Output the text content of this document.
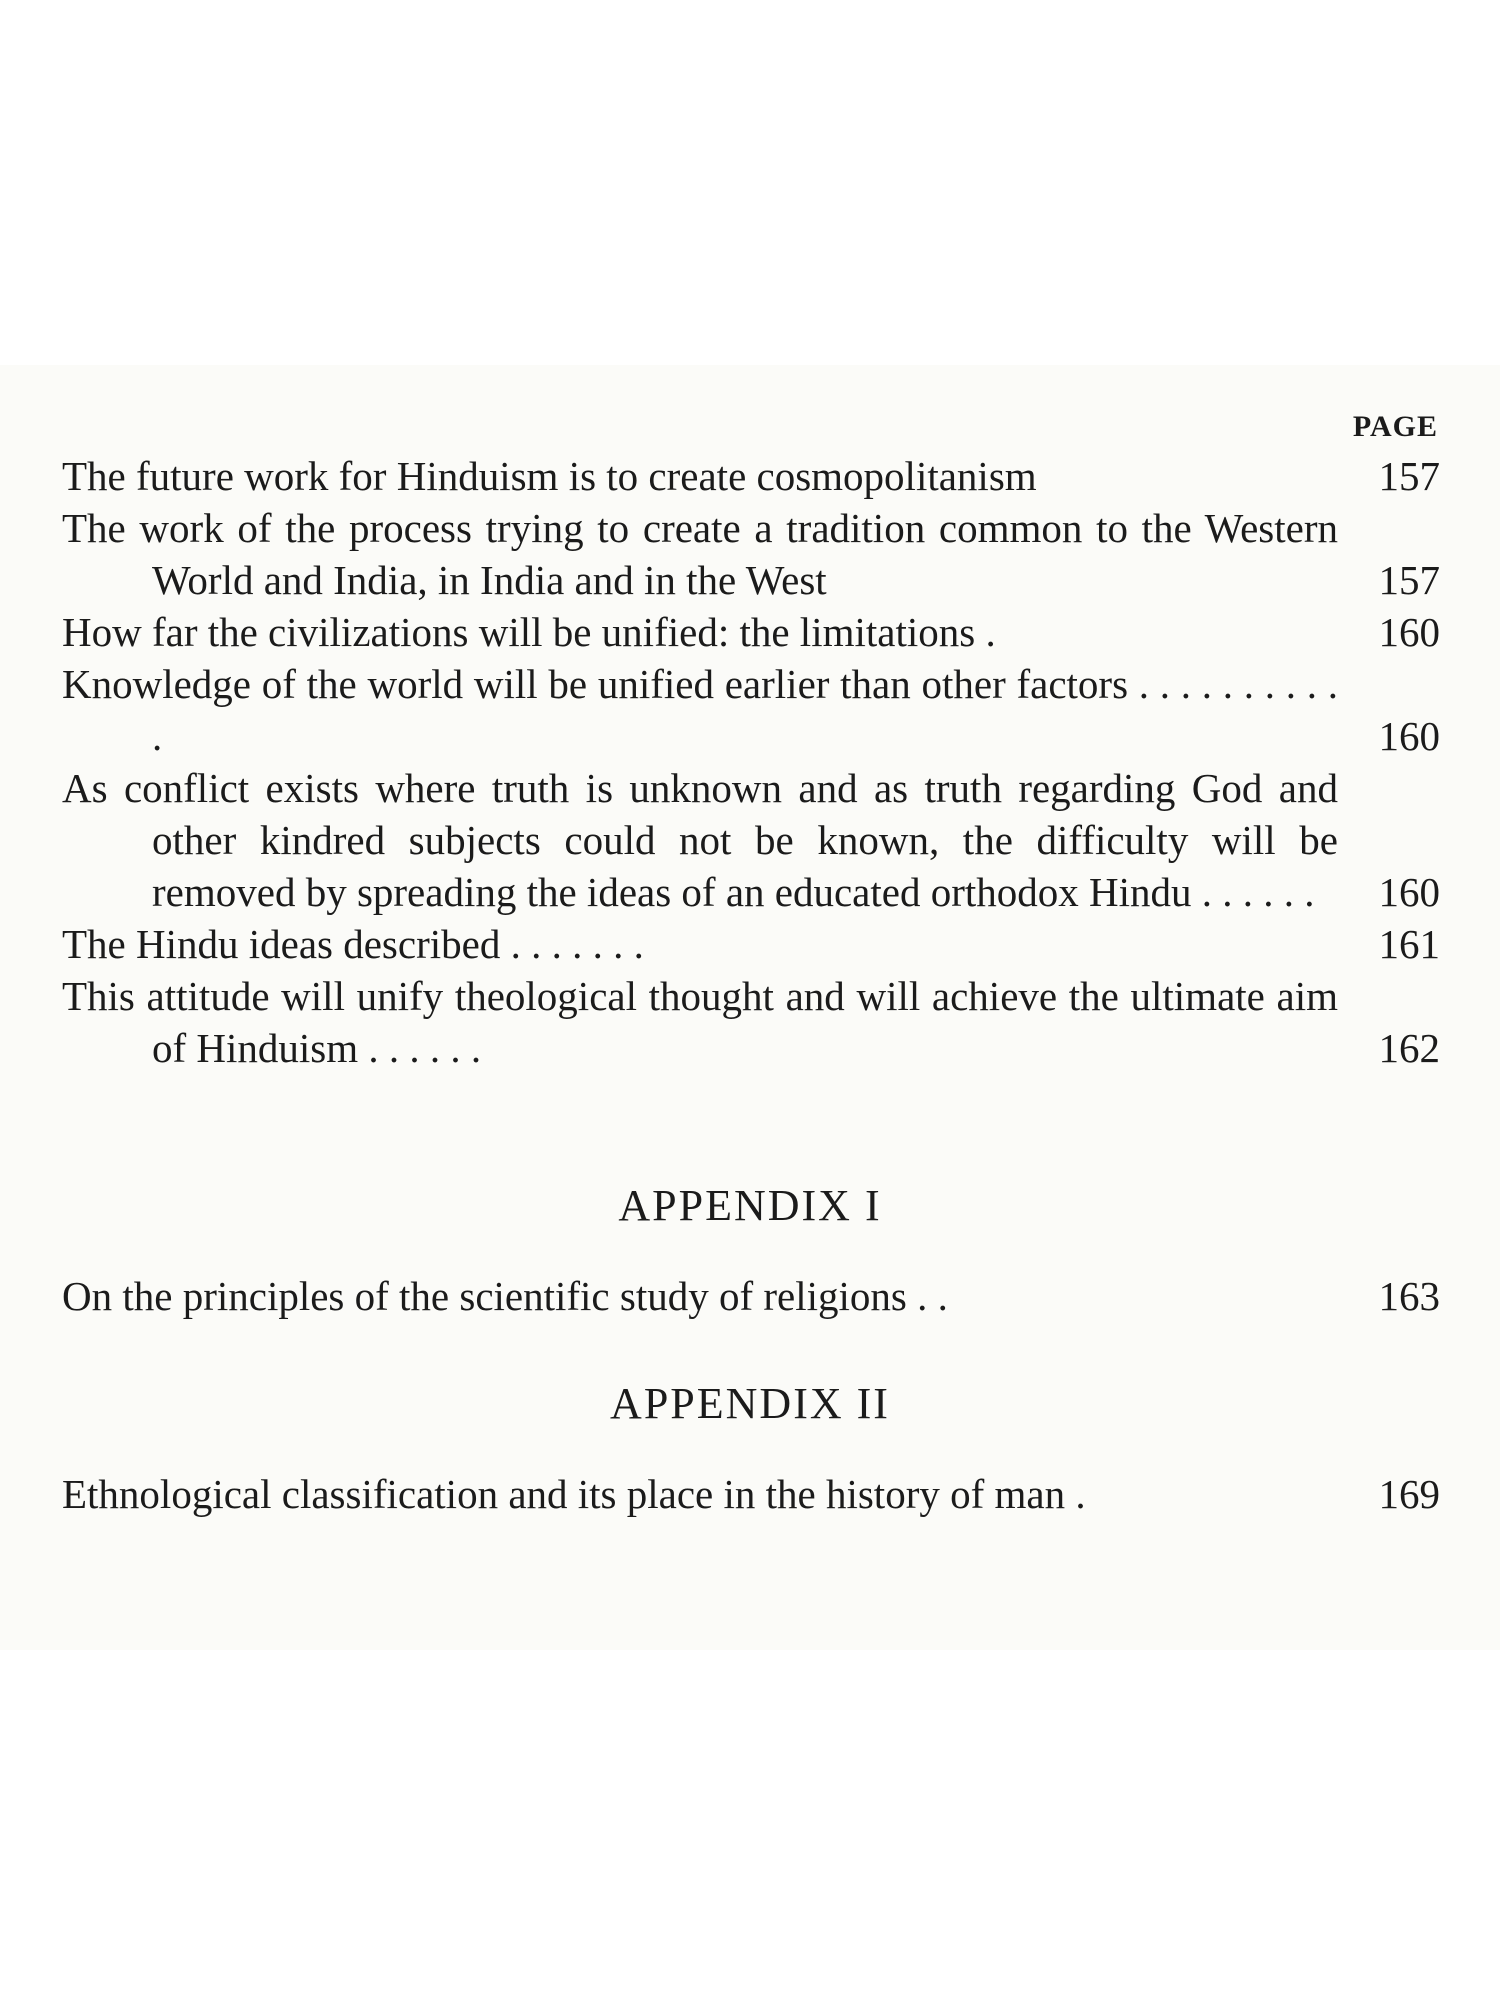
PAGE
The future work for Hinduism is to create cosmopolitanism	157
The work of the process trying to create a tradition common to the Western World and India, in India and in the West	157
How far the civilizations will be unified: the limitations .	160
Knowledge of the world will be unified earlier than other factors . . . . . . . . . . .	160
As conflict exists where truth is unknown and as truth regarding God and other kindred subjects could not be known, the difficulty will be removed by spreading the ideas of an educated orthodox Hindu . . . . . .	160
The Hindu ideas described . . . . . . .	161
This attitude will unify theological thought and will achieve the ultimate aim of Hinduism . . . . . .	162
APPENDIX I
On the principles of the scientific study of religions . .	163
APPENDIX II
Ethnological classification and its place in the history of man .	169
